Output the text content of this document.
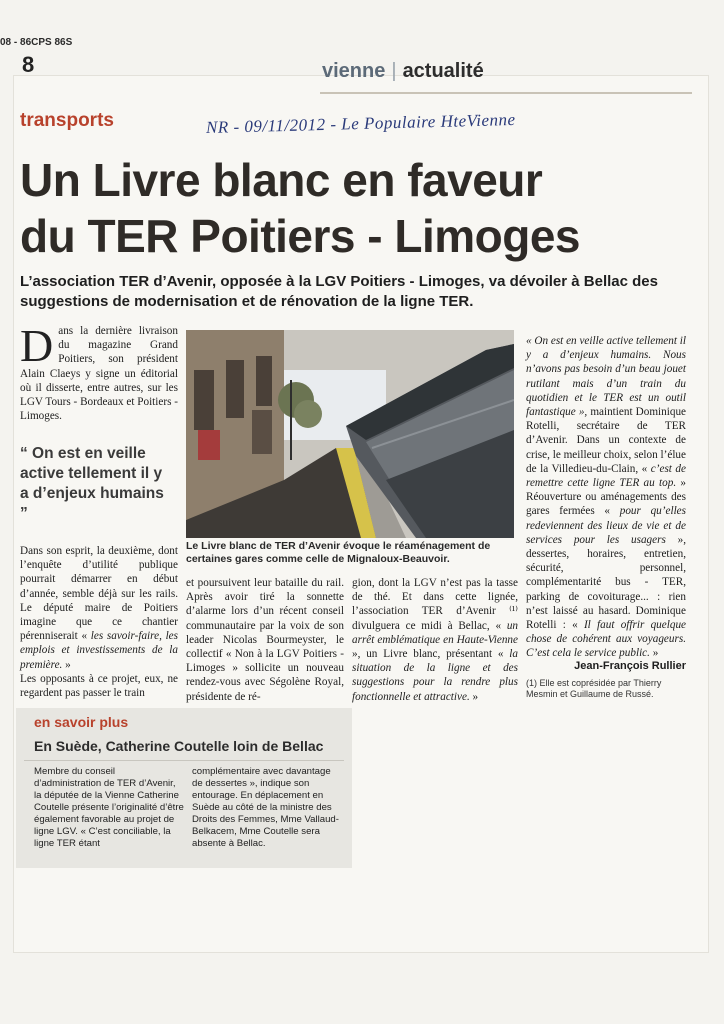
08 - 86CPS 86S
8	vienne | actualité
transports	NR - 09/11/2012 - Le Populaire HteVienne
Un Livre blanc en faveur
du TER Poitiers - Limoges
L’association TER d’Avenir, opposée à la LGV Poitiers - Limoges, va dévoiler à Bellac des suggestions de modernisation et de rénovation de la ligne TER.
Dans la dernière livraison du magazine Grand Poitiers, son président Alain Claeys y signe un éditorial où il disserte, entre autres, sur les LGV Tours - Bordeaux et Poitiers - Limoges.
“ On est en veille active tellement il y a d’enjeux humains ”
Dans son esprit, la deuxième, dont l’enquête d’utilité publique pourrait démarrer en début d’année, semble déjà sur les rails. Le député maire de Poitiers imagine que ce chantier pérenniserait « les savoir-faire, les emplois et investissements de la première. »
Les opposants à ce projet, eux, ne regardent pas passer le train
Le Livre blanc de TER d’Avenir évoque le réaménagement de certaines gares comme celle de Mignaloux-Beauvoir.
et poursuivent leur bataille du rail. Après avoir tiré la sonnette d’alarme lors d’un récent conseil communautaire par la voix de son leader Nicolas Bourmeyster, le collectif « Non à la LGV Poitiers - Limoges » sollicite un nouveau rendez-vous avec Ségolène Royal, présidente de ré-
gion, dont la LGV n’est pas la tasse de thé. Et dans cette lignée, l’association TER d’Avenir ⁽¹⁾ divulguera ce midi à Bellac, « un arrêt emblématique en Haute-Vienne », un Livre blanc, présentant « la situation de la ligne et des suggestions pour la rendre plus fonctionnelle et attractive. »
« On est en veille active tellement il y a d’enjeux humains. Nous n’avons pas besoin d’un beau jouet rutilant mais d’un train du quotidien et le TER est un outil fantastique », maintient Dominique Rotelli, secrétaire de TER d’Avenir. Dans un contexte de crise, le meilleur choix, selon l’élue de la Villedieu-du-Clain, « c’est de remettre cette ligne TER au top. » Réouverture ou aménagements des gares fermées « pour qu’elles redeviennent des lieux de vie et de services pour les usagers », dessertes, horaires, entretien, sécurité, personnel, complémentarité bus - TER, parking de covoiturage... : rien n’est laissé au hasard. Dominique Rotelli : « Il faut offrir quelque chose de cohérent aux voyageurs. C’est cela le service public. »
Jean-François Rullier
(1) Elle est coprésidée par Thierry Mesmin et Guillaume de Russé.
en savoir plus
En Suède, Catherine Coutelle loin de Bellac
Membre du conseil d’administration de TER d’Avenir, la députée de la Vienne Catherine Coutelle présente l’originalité d’être également favorable au projet de ligne LGV. « C’est conciliable, la ligne TER étant
complémentaire avec davantage de dessertes », indique son entourage. En déplacement en Suède au côté de la ministre des Droits des Femmes, Mme Vallaud-Belkacem, Mme Coutelle sera absente à Bellac.
